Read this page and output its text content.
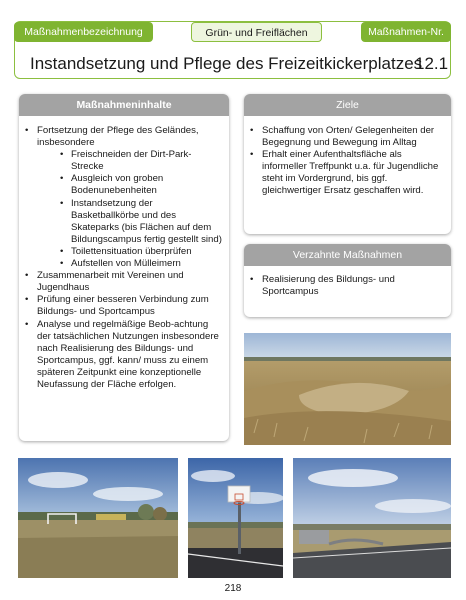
Maßnahmenbezeichnung	Grün- und Freiflächen	Maßnahmen-Nr.
Instandsetzung und Pflege des Freizeitkickerplatzes
12.1
Maßnahmeninhalte
• Fortsetzung der Pflege des Geländes, insbesondere
• Freischneiden der Dirt-Park-Strecke
• Ausgleich von groben Bodenunebenheiten
• Instandsetzung der Basketballkörbe und des Skateparks (bis Flächen auf dem Bildungscampus fertig gestellt sind)
• Toilettensituation überprüfen
• Aufstellen von Mülleimern
• Zusammenarbeit mit Vereinen und Jugendhaus
• Prüfung einer besseren Verbindung zum Bildungs- und Sportcampus
• Analyse und regelmäßige Beob-achtung der tatsächlichen Nutzungen insbesondere nach Realisierung des Bildungs- und Sportcampus, ggf. kann/ muss zu einem späteren Zeitpunkt eine konzeptionelle Neufassung der Fläche erfolgen.
Ziele
• Schaffung von Orten/ Gelegenheiten der Begegnung und Bewegung im Alltag
• Erhalt einer Aufenthaltsfläche als informeller Treffpunkt u.a. für Jugendliche steht im Vordergrund, bis ggf. gleichwertiger Ersatz geschaffen wird.
Verzahnte Maßnahmen
• Realisierung des Bildungs- und Sportcampus
218
